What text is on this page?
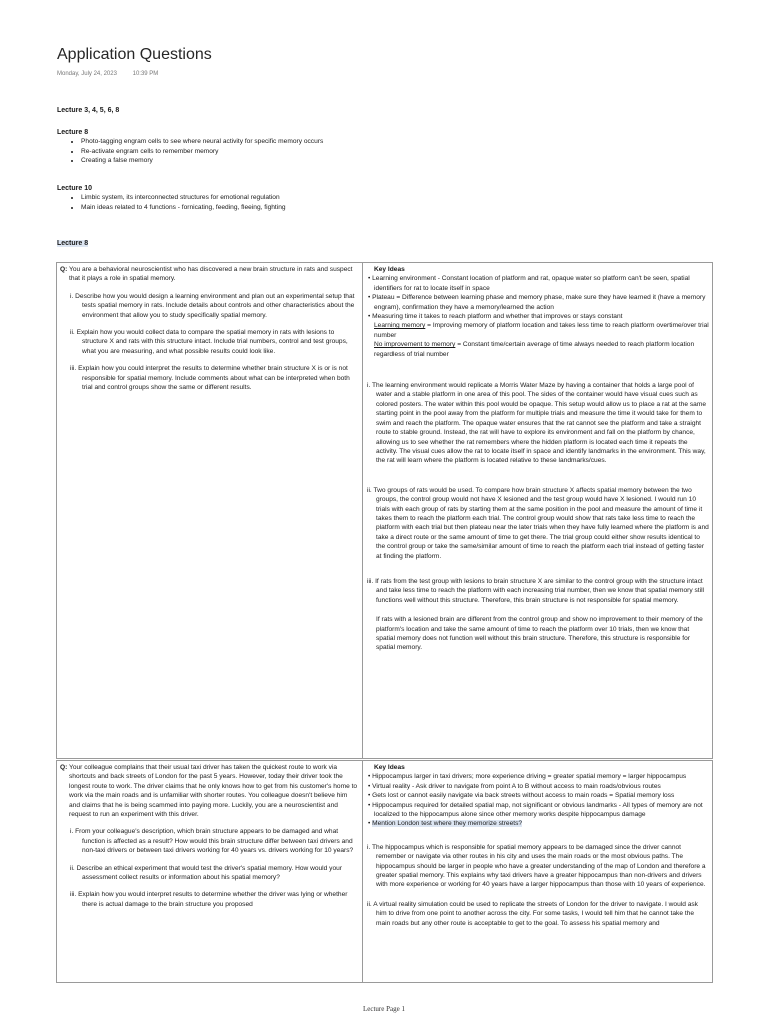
Application Questions
Monday, July 24, 2023	10:39 PM
Lecture 3, 4, 5, 6, 8
Lecture 8
• Photo-tagging engram cells to see where neural activity for specific memory occurs
• Re-activate engram cells to remember memory
• Creating a false memory
Lecture 10
• Limbic system, its interconnected structures for emotional regulation
• Main ideas related to 4 functions - fornicating, feeding, fleeing, fighting
Lecture 8
Q: You are a behavioral neuroscientist who has discovered a new brain structure in rats and suspect that it plays a role in spatial memory.
i. Describe how you would design a learning environment and plan out an experimental setup that tests spatial memory in rats. Include details about controls and other characteristics about the environment that allow you to study specifically spatial memory.
ii. Explain how you would collect data to compare the spatial memory in rats with lesions to structure X and rats with this structure intact. Include trial numbers, control and test groups, what you are measuring, and what possible results could look like.
iii. Explain how you could interpret the results to determine whether brain structure X is or is not responsible for spatial memory. Include comments about what can be interpreted when both trial and control groups show the same or different results.

Key Ideas
• Learning environment - Constant location of platform and rat, opaque water so platform can't be seen, spatial identifiers for rat to locate itself in space
• Plateau = Difference between learning phase and memory phase, make sure they have learned it (have a memory engram), confirmation they have a memory/learned the action
• Measuring time it takes to reach platform and whether that improves or stays constant
Learning memory = Improving memory of platform location and takes less time to reach platform overtime/over trial number
No improvement to memory = Constant time/certain average of time always needed to reach platform location regardless of trial number
i. The learning environment would replicate a Morris Water Maze by having a container that holds a large pool of water and a stable platform in one area of this pool. The sides of the container would have visual cues such as colored posters. The water within this pool would be opaque. This setup would allow us to place a rat at the same starting point in the pool away from the platform for multiple trials and measure the time it would take for them to swim and reach the platform. The opaque water ensures that the rat cannot see the platform and take a straight route to stable ground. Instead, the rat will have to explore its environment and fall on the platform by chance, allowing us to see whether the rat remembers where the hidden platform is located each time it repeats the activity. The visual cues allow the rat to locate itself in space and identify landmarks in the environment. This way, the rat will learn where the platform is located relative to these landmarks/cues.
ii. Two groups of rats would be used. To compare how brain structure X affects spatial memory between the two groups, the control group would not have X lesioned and the test group would have X lesioned. I would run 10 trials with each group of rats by starting them at the same position in the pool and measure the amount of time it takes them to reach the platform each trial. The control group would show that rats take less time to reach the platform with each trial but then plateau near the later trials when they have fully learned where the platform is and take a direct route or the same amount of time to get there. The trial group could either show results identical to the control group or take the same/similar amount of time to reach the platform each trial instead of getting faster at finding the platform.
iii. If rats from the test group with lesions to brain structure X are similar to the control group with the structure intact and take less time to reach the platform with each increasing trial number, then we know that spatial memory still functions well without this structure. Therefore, this brain structure is not responsible for spatial memory.
If rats with a lesioned brain are different from the control group and show no improvement to their memory of the platform's location and take the same amount of time to reach the platform over 10 trials, then we know that spatial memory does not function well without this brain structure. Therefore, this structure is responsible for spatial memory.
Q: Your colleague complains that their usual taxi driver has taken the quickest route to work via shortcuts and back streets of London for the past 5 years. However, today their driver took the longest route to work. The driver claims that he only knows how to get from his customer's home to work via the main roads and is unfamiliar with shorter routes. You colleague doesn't believe him and claims that he is being scammed into paying more. Luckily, you are a neuroscientist and request to run an experiment with this driver.
i. From your colleague's description, which brain structure appears to be damaged and what function is affected as a result? How would this brain structure differ between taxi drivers and non-taxi drivers or between taxi drivers working for 40 years vs. drivers working for 10 years?
ii. Describe an ethical experiment that would test the driver's spatial memory. How would your assessment collect results or information about his spatial memory?
iii. Explain how you would interpret results to determine whether the driver was lying or whether there is actual damage to the brain structure you proposed

Key Ideas
• Hippocampus larger in taxi drivers; more experience driving = greater spatial memory = larger hippocampus
• Virtual reality - Ask driver to navigate from point A to B without access to main roads/obvious routes
• Gets lost or cannot easily navigate via back streets without access to main roads = Spatial memory loss
• Hippocampus required for detailed spatial map, not significant or obvious landmarks - All types of memory are not localized to the hippocampus alone since other memory works despite hippocampus damage
• Mention London test where they memorize streets?
i. The hippocampus which is responsible for spatial memory appears to be damaged since the driver cannot remember or navigate via other routes in his city and uses the main roads or the most obvious paths. The hippocampus should be larger in people who have a greater understanding of the map of London and therefore a greater spatial memory. This explains why taxi drivers have a greater hippocampus than non-drivers and drivers with more experience or working for 40 years have a larger hippocampus than those with 10 years of experience.
ii. A virtual reality simulation could be used to replicate the streets of London for the driver to navigate. I would ask him to drive from one point to another across the city. For some tasks, I would tell him that he cannot take the main roads but any other route is acceptable to get to the goal. To assess his spatial memory and
Lecture Page 1
